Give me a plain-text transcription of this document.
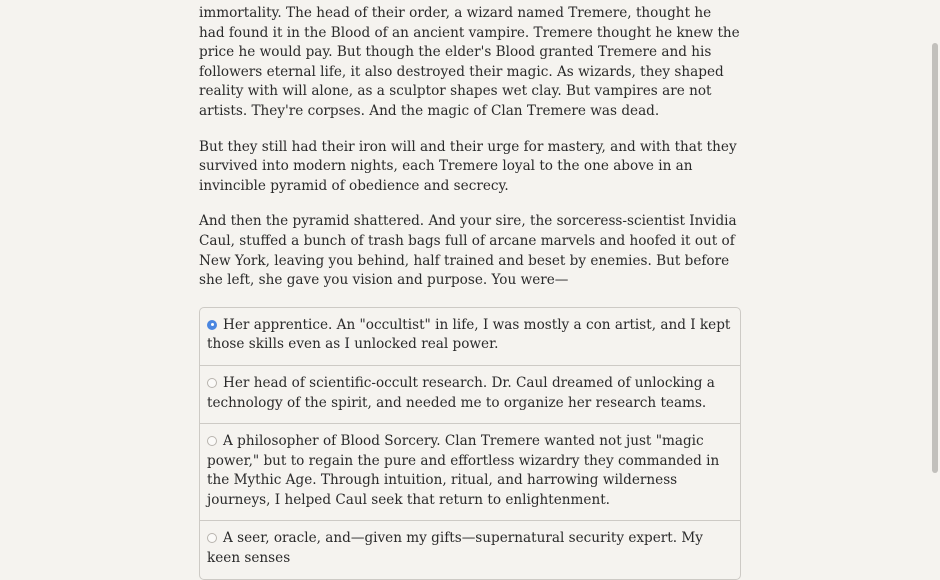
immortality. The head of their order, a wizard named Tremere, thought he had found it in the Blood of an ancient vampire. Tremere thought he knew the price he would pay. But though the elder's Blood granted Tremere and his followers eternal life, it also destroyed their magic. As wizards, they shaped reality with will alone, as a sculptor shapes wet clay. But vampires are not artists. They're corpses. And the magic of Clan Tremere was dead.

But they still had their iron will and their urge for mastery, and with that they survived into modern nights, each Tremere loyal to the one above in an invincible pyramid of obedience and secrecy.

And then the pyramid shattered. And your sire, the sorceress-scientist Invidia Caul, stuffed a bunch of trash bags full of arcane marvels and hoofed it out of New York, leaving you behind, half trained and beset by enemies. But before she left, she gave you vision and purpose. You were—

Her apprentice. An "occultist" in life, I was mostly a con artist, and I kept those skills even as I unlocked real power.
Her head of scientific-occult research. Dr. Caul dreamed of unlocking a technology of the spirit, and needed me to organize her research teams.
A philosopher of Blood Sorcery. Clan Tremere wanted not just "magic power," but to regain the pure and effortless wizardry they commanded in the Mythic Age. Through intuition, ritual, and harrowing wilderness journeys, I helped Caul seek that return to enlightenment.
A seer, oracle, and—given my gifts—supernatural security expert. My keen senses
